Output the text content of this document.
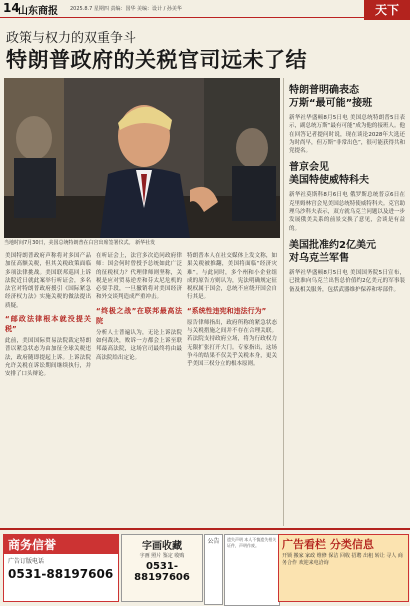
14
山东商报 2025.8.7 星期四 责编：国华 美编：设计 / 孙美华	天下
政策与权力的双重争斗
特朗普政府的关税官司远未了结
当地时间7月30日，美国总统特朗普在白宫出席签署仪式。 新华社发
美国特朗普政府声称将对多国产品加征高额关税，但其关税政策面临多项法律挑战。美国联邦巡回上诉法院近日就此案举行听证会，多名法官对特朗普政府援引《国际紧急经济权力法》实施关税的做法提出质疑。
“邮政法律根本就没提关税”
此前，美国国际贸易法院裁定特朗普以紧急状态为由加征全球关税违法，政府随即提起上诉。上诉法院允许关税在诉讼期间继续执行，并安排了口头辩论。
在听证会上，法官多次追问政府律师：国会何时曾授予总统如此广泛的征税权力？代理律师则坚称，关税是应对贸易逆差和芬太尼危机的必要手段，一旦撤销将对美国经济和外交谈判造成严重冲击。
“终极之战”在联邦最高法院
分析人士普遍认为，无论上诉法院如何裁决，败诉一方都会上诉至联邦最高法院，这场官司最终将由最高法院给出定论。
特朗普本人在社交媒体上发文称，如果关税被推翻，美国将面临“经济灾难”。与此同时，多个州和小企业组成的原告方则认为，宪法明确规定征税权属于国会，总统不应绕开国会自行其是。
“系统性违宪和违法行为”
原告律师指出，政府所称的紧急状态与关税措施之间并不存在合理关联。若法院支持政府立场，将为行政权力无限扩张打开大门。专家指出，这场争斗的结果不仅关乎关税本身，更关乎美国三权分立的根本原则。
特朗普明确表态
万斯“最可能”接班
新华社华盛顿8月5日电 美国总统特朗普5日表示，副总统万斯“最有可能”成为他的接班人。他在回答记者提问时说，现在谈论2028年大选还为时尚早，但万斯“非常出色”，很可能获得共和党提名。
普京会见
美国特使威特科夫
新华社莫斯科8月6日电 俄罗斯总统普京6日在克里姆林宫会见美国总统特使威特科夫。克宫助理乌沙科夫表示，双方就乌克兰问题以及进一步发展俄美关系的前景交换了意见，会谈是有益的。
美国批准约2亿美元
对乌克兰军售
新华社华盛顿8月5日电 美国国务院5日宣布，已批准向乌克兰出售总价值约2亿美元的军事装备及相关服务，包括武器维护保养和零部件。
商务信誉
广告订版电话
0531-88197606
字画收藏
字画 照片 鉴定 收购
0531-88197606
公告	遗失声明 本人不慎遗失相关证件，声明作废。	广告看栏 分类信息
开锁 搬家 家政 维修 保洁 回收 招聘 出租 转让 寻人 商务合作 欢迎来电洽询
